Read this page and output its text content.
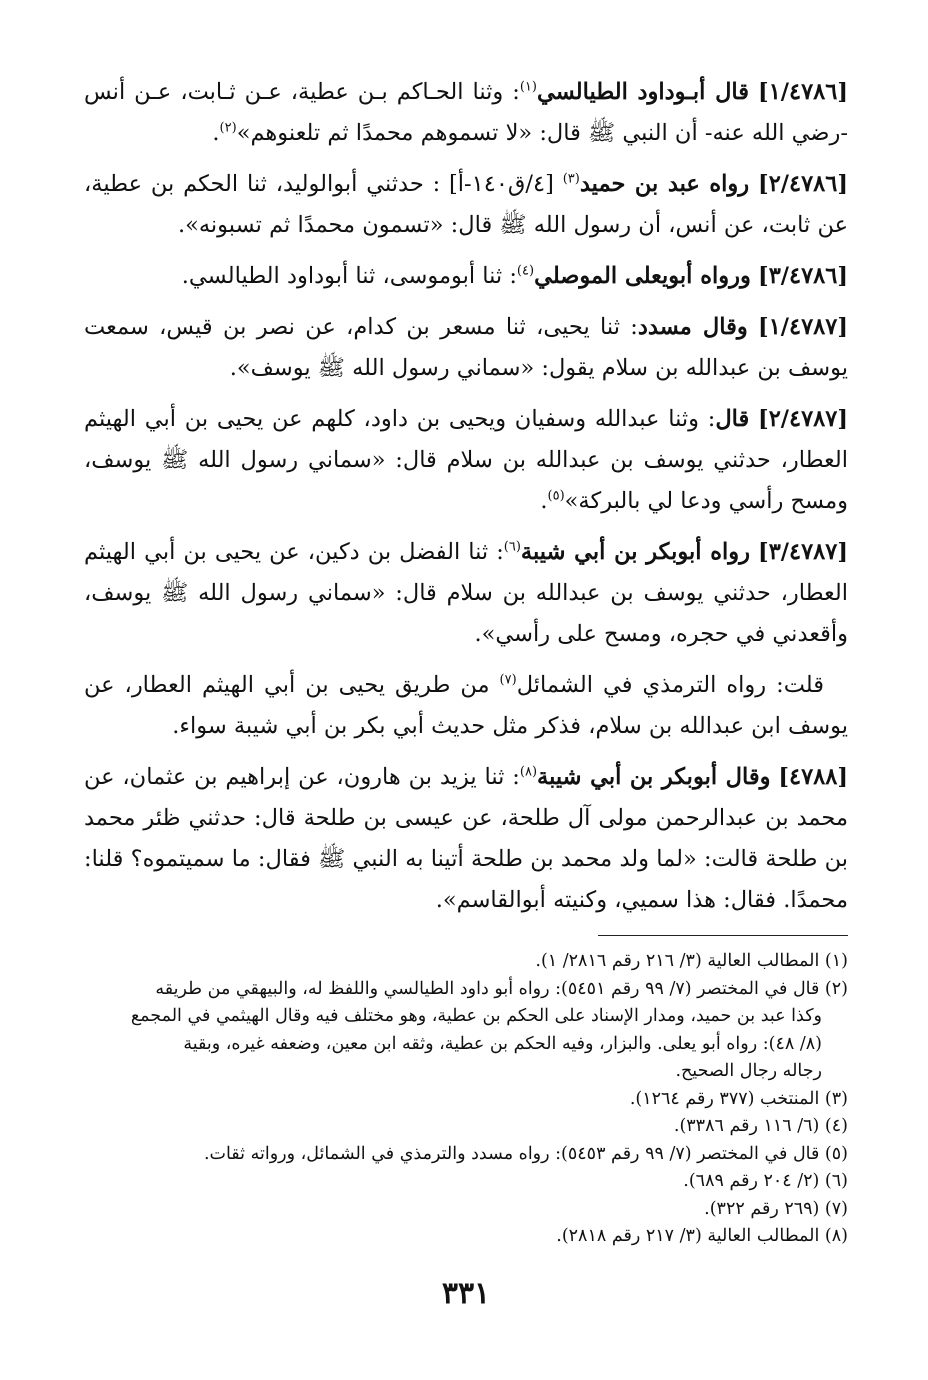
[١/٤٧٨٦] قال أبـوداود الطيالسي$^{(١)}$: وثنا الحـاكم بـن عطية، عـن ثـابت، عـن أنس -رضي الله عنه- أن النبي ﷺ قال: «لا تسموهم محمدًا ثم تلعنوهم»$^{(٢)}$.

[٢/٤٧٨٦] رواه عبد بن حميد$^{(٣)}$ [٤/ق١٤٠-أ] : حدثني أبوالوليد، ثنا الحكم بن عطية، عن ثابت، عن أنس، أن رسول الله ﷺ قال: «تسمون محمدًا ثم تسبونه».

[٣/٤٧٨٦] ورواه أبويعلى الموصلي$^{(٤)}$: ثنا أبوموسى، ثنا أبوداود الطيالسي.

[١/٤٧٨٧] وقال مسدد: ثنا يحيى، ثنا مسعر بن كدام، عن نصر بن قيس، سمعت يوسف بن عبدالله بن سلام يقول: «سماني رسول الله ﷺ يوسف».

[٢/٤٧٨٧] قال: وثنا عبدالله وسفيان ويحيى بن داود، كلهم عن يحيى بن أبي الهيثم العطار، حدثني يوسف بن عبدالله بن سلام قال: «سماني رسول الله ﷺ يوسف، ومسح رأسي ودعا لي بالبركة»$^{(٥)}$.

[٣/٤٧٨٧] رواه أبوبكر بن أبي شيبة$^{(٦)}$: ثنا الفضل بن دكين، عن يحيى بن أبي الهيثم العطار، حدثني يوسف بن عبدالله بن سلام قال: «سماني رسول الله ﷺ يوسف، وأقعدني في حجره، ومسح على رأسي».

قلت: رواه الترمذي في الشمائل$^{(٧)}$ من طريق يحيى بن أبي الهيثم العطار، عن يوسف ابن عبدالله بن سلام، فذكر مثل حديث أبي بكر بن أبي شيبة سواء.

[٤٧٨٨] وقال أبوبكر بن أبي شيبة$^{(٨)}$: ثنا يزيد بن هارون، عن إبراهيم بن عثمان، عن محمد بن عبدالرحمن مولى آل طلحة، عن عيسى بن طلحة قال: حدثني ظئر محمد بن طلحة قالت: «لما ولد محمد بن طلحة أتينا به النبي ﷺ فقال: ما سميتموه؟ قلنا: محمدًا. فقال: هذا سميي، وكنيته أبوالقاسم».

(١) المطالب العالية (٣/ ٢١٦ رقم ٢٨١٦/ ١).

(٢) قال في المختصر (٧/ ٩٩ رقم ٥٤٥١): رواه أبو داود الطيالسي واللفظ له، والبيهقي من طريقه

وكذا عبد بن حميد، ومدار الإسناد على الحكم بن عطية، وهو مختلف فيه وقال الهيثمي في المجمع

(٨/ ٤٨): رواه أبو يعلى. والبزار، وفيه الحكم بن عطية، وثقه ابن معين، وضعفه غيره، وبقية

رجاله رجال الصحيح.

(٣) المنتخب (٣٧٧ رقم ١٢٦٤).

(٤) (٦/ ١١٦ رقم ٣٣٨٦).

(٥) قال في المختصر (٧/ ٩٩ رقم ٥٤٥٣): رواه مسدد والترمذي في الشمائل، ورواته ثقات.

(٦) (٢/ ٢٠٤ رقم ٦٨٩).

(٧) (٢٦٩ رقم ٣٢٢).

(٨) المطالب العالية (٣/ ٢١٧ رقم ٢٨١٨).

٣٣١
